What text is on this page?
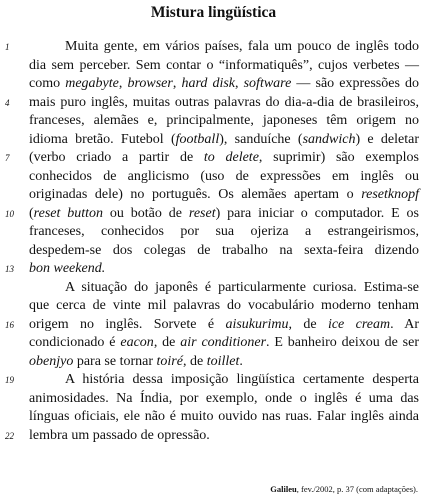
Mistura lingüística
1	Muita gente, em vários países, fala um pouco de inglês todo
dia sem perceber. Sem contar o “informatiquês”, cujos verbetes —
como megabyte, browser, hard disk, software — são expressões do
4	mais puro inglês, muitas outras palavras do dia-a-dia de brasileiros,
franceses, alemães e, principalmente, japoneses têm origem no
idioma bretão. Futebol (football), sanduíche (sandwich) e deletar
7	(verbo criado a partir de to delete, suprimir) são exemplos
conhecidos de anglicismo (uso de expressões em inglês ou
originadas dele) no português. Os alemães apertam o resetknopf
10	(reset button ou botão de reset) para iniciar o computador. E os
franceses, conhecidos por sua ojeriza a estrangeirismos,
despedem-se dos colegas de trabalho na sexta-feira dizendo
13	bon weekend.
A situação do japonês é particularmente curiosa. Estima-se
que cerca de vinte mil palavras do vocabulário moderno tenham
16	origem no inglês. Sorvete é aisukurimu, de ice cream. Ar
condicionado é eacon, de air conditioner. E banheiro deixou de ser
obenjyo para se tornar toiré, de toillet.
19	A história dessa imposição lingüística certamente desperta
animosidades. Na Índia, por exemplo, onde o inglês é uma das
línguas oficiais, ele não é muito ouvido nas ruas. Falar inglês ainda
22	lembra um passado de opressão.
Galileu, fev./2002, p. 37 (com adaptações).
